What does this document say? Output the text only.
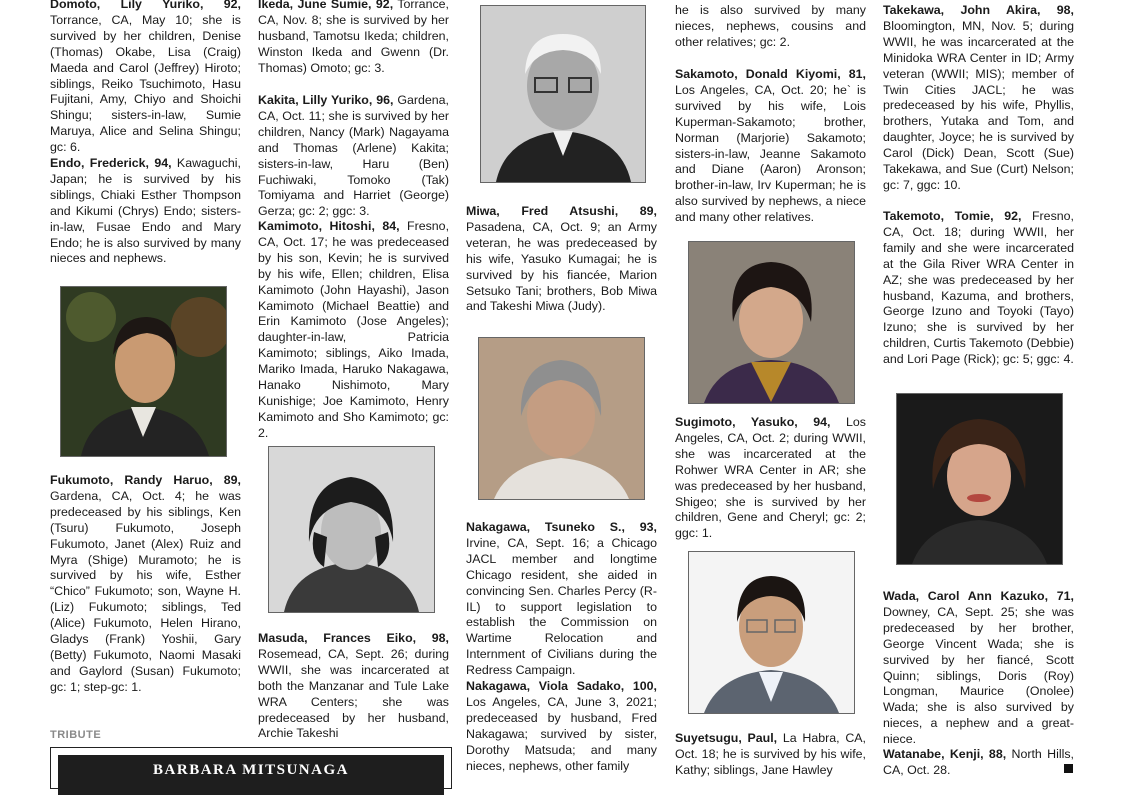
Domoto, Lily Yuriko, 92, Torrance, CA, May 10; she is survived by her children, Denise (Thomas) Okabe, Lisa (Craig) Maeda and Carol (Jeffrey) Hiroto; siblings, Reiko Tsuchimoto, Hasu Fujitani, Amy, Chiyo and Shoichi Shingu; sisters-in-law, Sumie Maruya, Alice and Selina Shingu; gc: 6.

Endo, Frederick, 94, Kawaguchi, Japan; he is survived by his siblings, Chiaki Esther Thompson and Kikumi (Chrys) Endo; sisters-in-law, Fusae Endo and Mary Endo; he is also survived by many nieces and nephews.

Fukumoto, Randy Haruo, 89, Gardena, CA, Oct. 4; he was predeceased by his siblings, Ken (Tsuru) Fukumoto, Joseph Fukumoto, Janet (Alex) Ruiz and Myra (Shige) Muramoto; he is survived by his wife, Esther “Chico” Fukumoto; son, Wayne H. (Liz) Fukumoto; siblings, Ted (Alice) Fukumoto, Helen Hirano, Gladys (Frank) Yoshii, Gary (Betty) Fukumoto, Naomi Masaki and Gaylord (Susan) Fukumoto; gc: 1; step-gc: 1.

Ikeda, June Sumie, 92, Torrance, CA, Nov. 8; she is survived by her husband, Tamotsu Ikeda; children, Winston Ikeda and Gwenn (Dr. Thomas) Omoto; gc: 3.

Kakita, Lilly Yuriko, 96, Gardena, CA, Oct. 11; she is survived by her children, Nancy (Mark) Nagayama and Thomas (Arlene) Kakita; sisters-in-law, Haru (Ben) Fuchiwaki, Tomoko (Tak) Tomiyama and Harriet (George) Gerza; gc: 2; ggc: 3.

Kamimoto, Hitoshi, 84, Fresno, CA, Oct. 17; he was predeceased by his son, Kevin; he is survived by his wife, Ellen; children, Elisa Kamimoto (John Hayashi), Jason Kamimoto (Michael Beattie) and Erin Kamimoto (Jose Angeles); daughter-in-law, Patricia Kamimoto; siblings, Aiko Imada, Mariko Imada, Haruko Nakagawa, Hanako Nishimoto, Mary Kunishige; Joe Kamimoto, Henry Kamimoto and Sho Kamimoto; gc: 2.

Masuda, Frances Eiko, 98, Rosemead, CA, Sept. 26; during WWII, she was incarcerated at both the Manzanar and Tule Lake WRA Centers; she was predeceased by her husband, Archie Takeshi

TRIBUTE
BARBARA MITSUNAGA

Miwa, Fred Atsushi, 89, Pasadena, CA, Oct. 9; an Army veteran, he was predeceased by his wife, Yasuko Kumagai; he is survived by his fiancée, Marion Setsuko Tani; brothers, Bob Miwa and Takeshi Miwa (Judy).

Nakagawa, Tsuneko S., 93, Irvine, CA, Sept. 16; a Chicago JACL member and longtime Chicago resident, she aided in convincing Sen. Charles Percy (R-IL) to support legislation to establish the Commission on Wartime Relocation and Internment of Civilians during the Redress Campaign.

Nakagawa, Viola Sadako, 100, Los Angeles, CA, June 3, 2021; predeceased by husband, Fred Nakagawa; survived by sister, Dorothy Matsuda; and many nieces, nephews, other family

he is also survived by many nieces, nephews, cousins and other relatives; gc: 2.

Sakamoto, Donald Kiyomi, 81, Los Angeles, CA, Oct. 20; he` is survived by his wife, Lois Kuperman-Sakamoto; brother, Norman (Marjorie) Sakamoto; sisters-in-law, Jeanne Sakamoto and Diane (Aaron) Aronson; brother-in-law, Irv Kuperman; he is also survived by nephews, a niece and many other relatives.

Sugimoto, Yasuko, 94, Los Angeles, CA, Oct. 2; during WWII, she was incarcerated at the Rohwer WRA Center in AR; she was predeceased by her husband, Shigeo; she is survived by her children, Gene and Cheryl; gc: 2; ggc: 1.

Suyetsugu, Paul, La Habra, CA, Oct. 18; he is survived by his wife, Kathy; siblings, Jane Hawley

Takekawa, John Akira, 98, Bloomington, MN, Nov. 5; during WWII, he was incarcerated at the Minidoka WRA Center in ID; Army veteran (WWII; MIS); member of Twin Cities JACL; he was predeceased by his wife, Phyllis, brothers, Yutaka and Tom, and daughter, Joyce; he is survived by Carol (Dick) Dean, Scott (Sue) Takekawa, and Sue (Curt) Nelson; gc: 7, ggc: 10.

Takemoto, Tomie, 92, Fresno, CA, Oct. 18; during WWII, her family and she were incarcerated at the Gila River WRA Center in AZ; she was predeceased by her husband, Kazuma, and brothers, George Izuno and Toyoki (Tayo) Izuno; she is survived by her children, Curtis Takemoto (Debbie) and Lori Page (Rick); gc: 5; ggc: 4.

Wada, Carol Ann Kazuko, 71, Downey, CA, Sept. 25; she was predeceased by her brother, George Vincent Wada; she is survived by her fiancé, Scott Quinn; siblings, Doris (Roy) Longman, Maurice (Onolee) Wada; she is also survived by nieces, a nephew and a great-niece.

Watanabe, Kenji, 88, North Hills, CA, Oct. 28.
